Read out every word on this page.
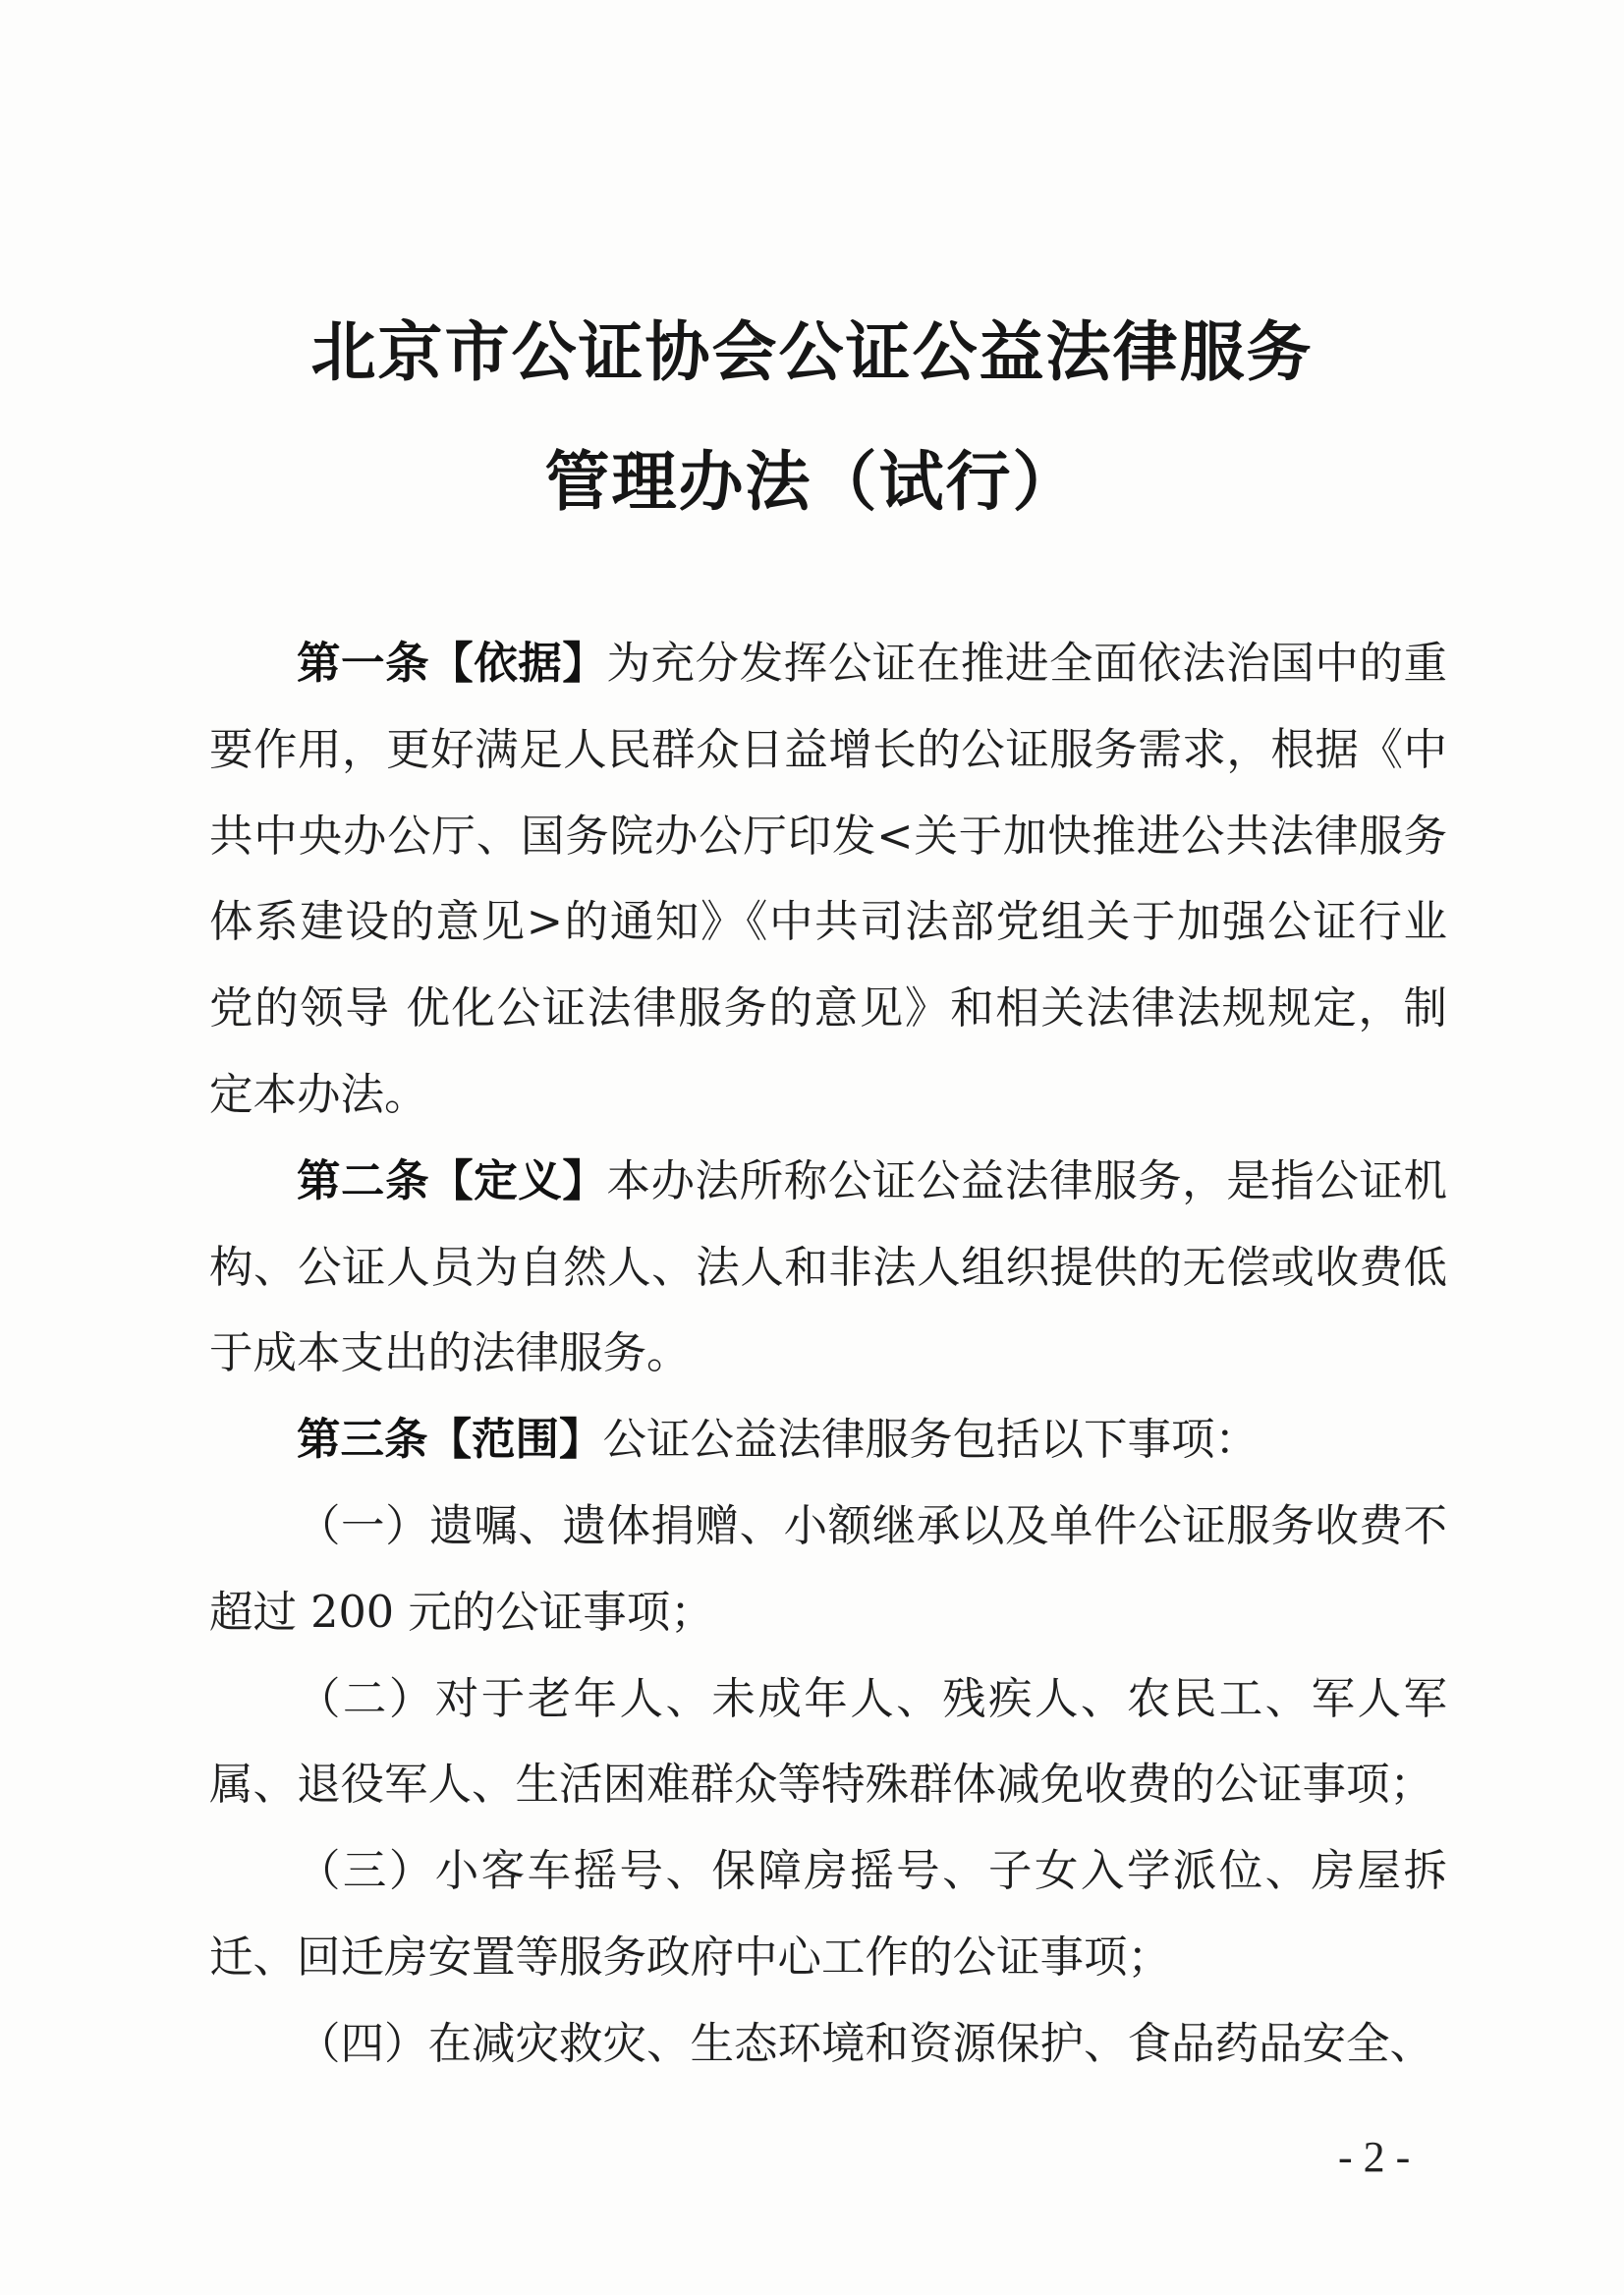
北京市公证协会公证公益法律服务
管理办法（试行）

第一条【依据】为充分发挥公证在推进全面依法治国中的重要作用，更好满足人民群众日益增长的公证服务需求，根据《中共中央办公厅、国务院办公厅印发<关于加快推进公共法律服务体系建设的意见>的通知》《中共司法部党组关于加强公证行业党的领导 优化公证法律服务的意见》和相关法律法规规定，制定本办法。

第二条【定义】本办法所称公证公益法律服务，是指公证机构、公证人员为自然人、法人和非法人组织提供的无偿或收费低于成本支出的法律服务。

第三条【范围】公证公益法律服务包括以下事项：

（一）遗嘱、遗体捐赠、小额继承以及单件公证服务收费不超过 200 元的公证事项；

（二）对于老年人、未成年人、残疾人、农民工、军人军属、退役军人、生活困难群众等特殊群体减免收费的公证事项；

（三）小客车摇号、保障房摇号、子女入学派位、房屋拆迁、回迁房安置等服务政府中心工作的公证事项；

（四）在减灾救灾、生态环境和资源保护、食品药品安全、

- 2 -
